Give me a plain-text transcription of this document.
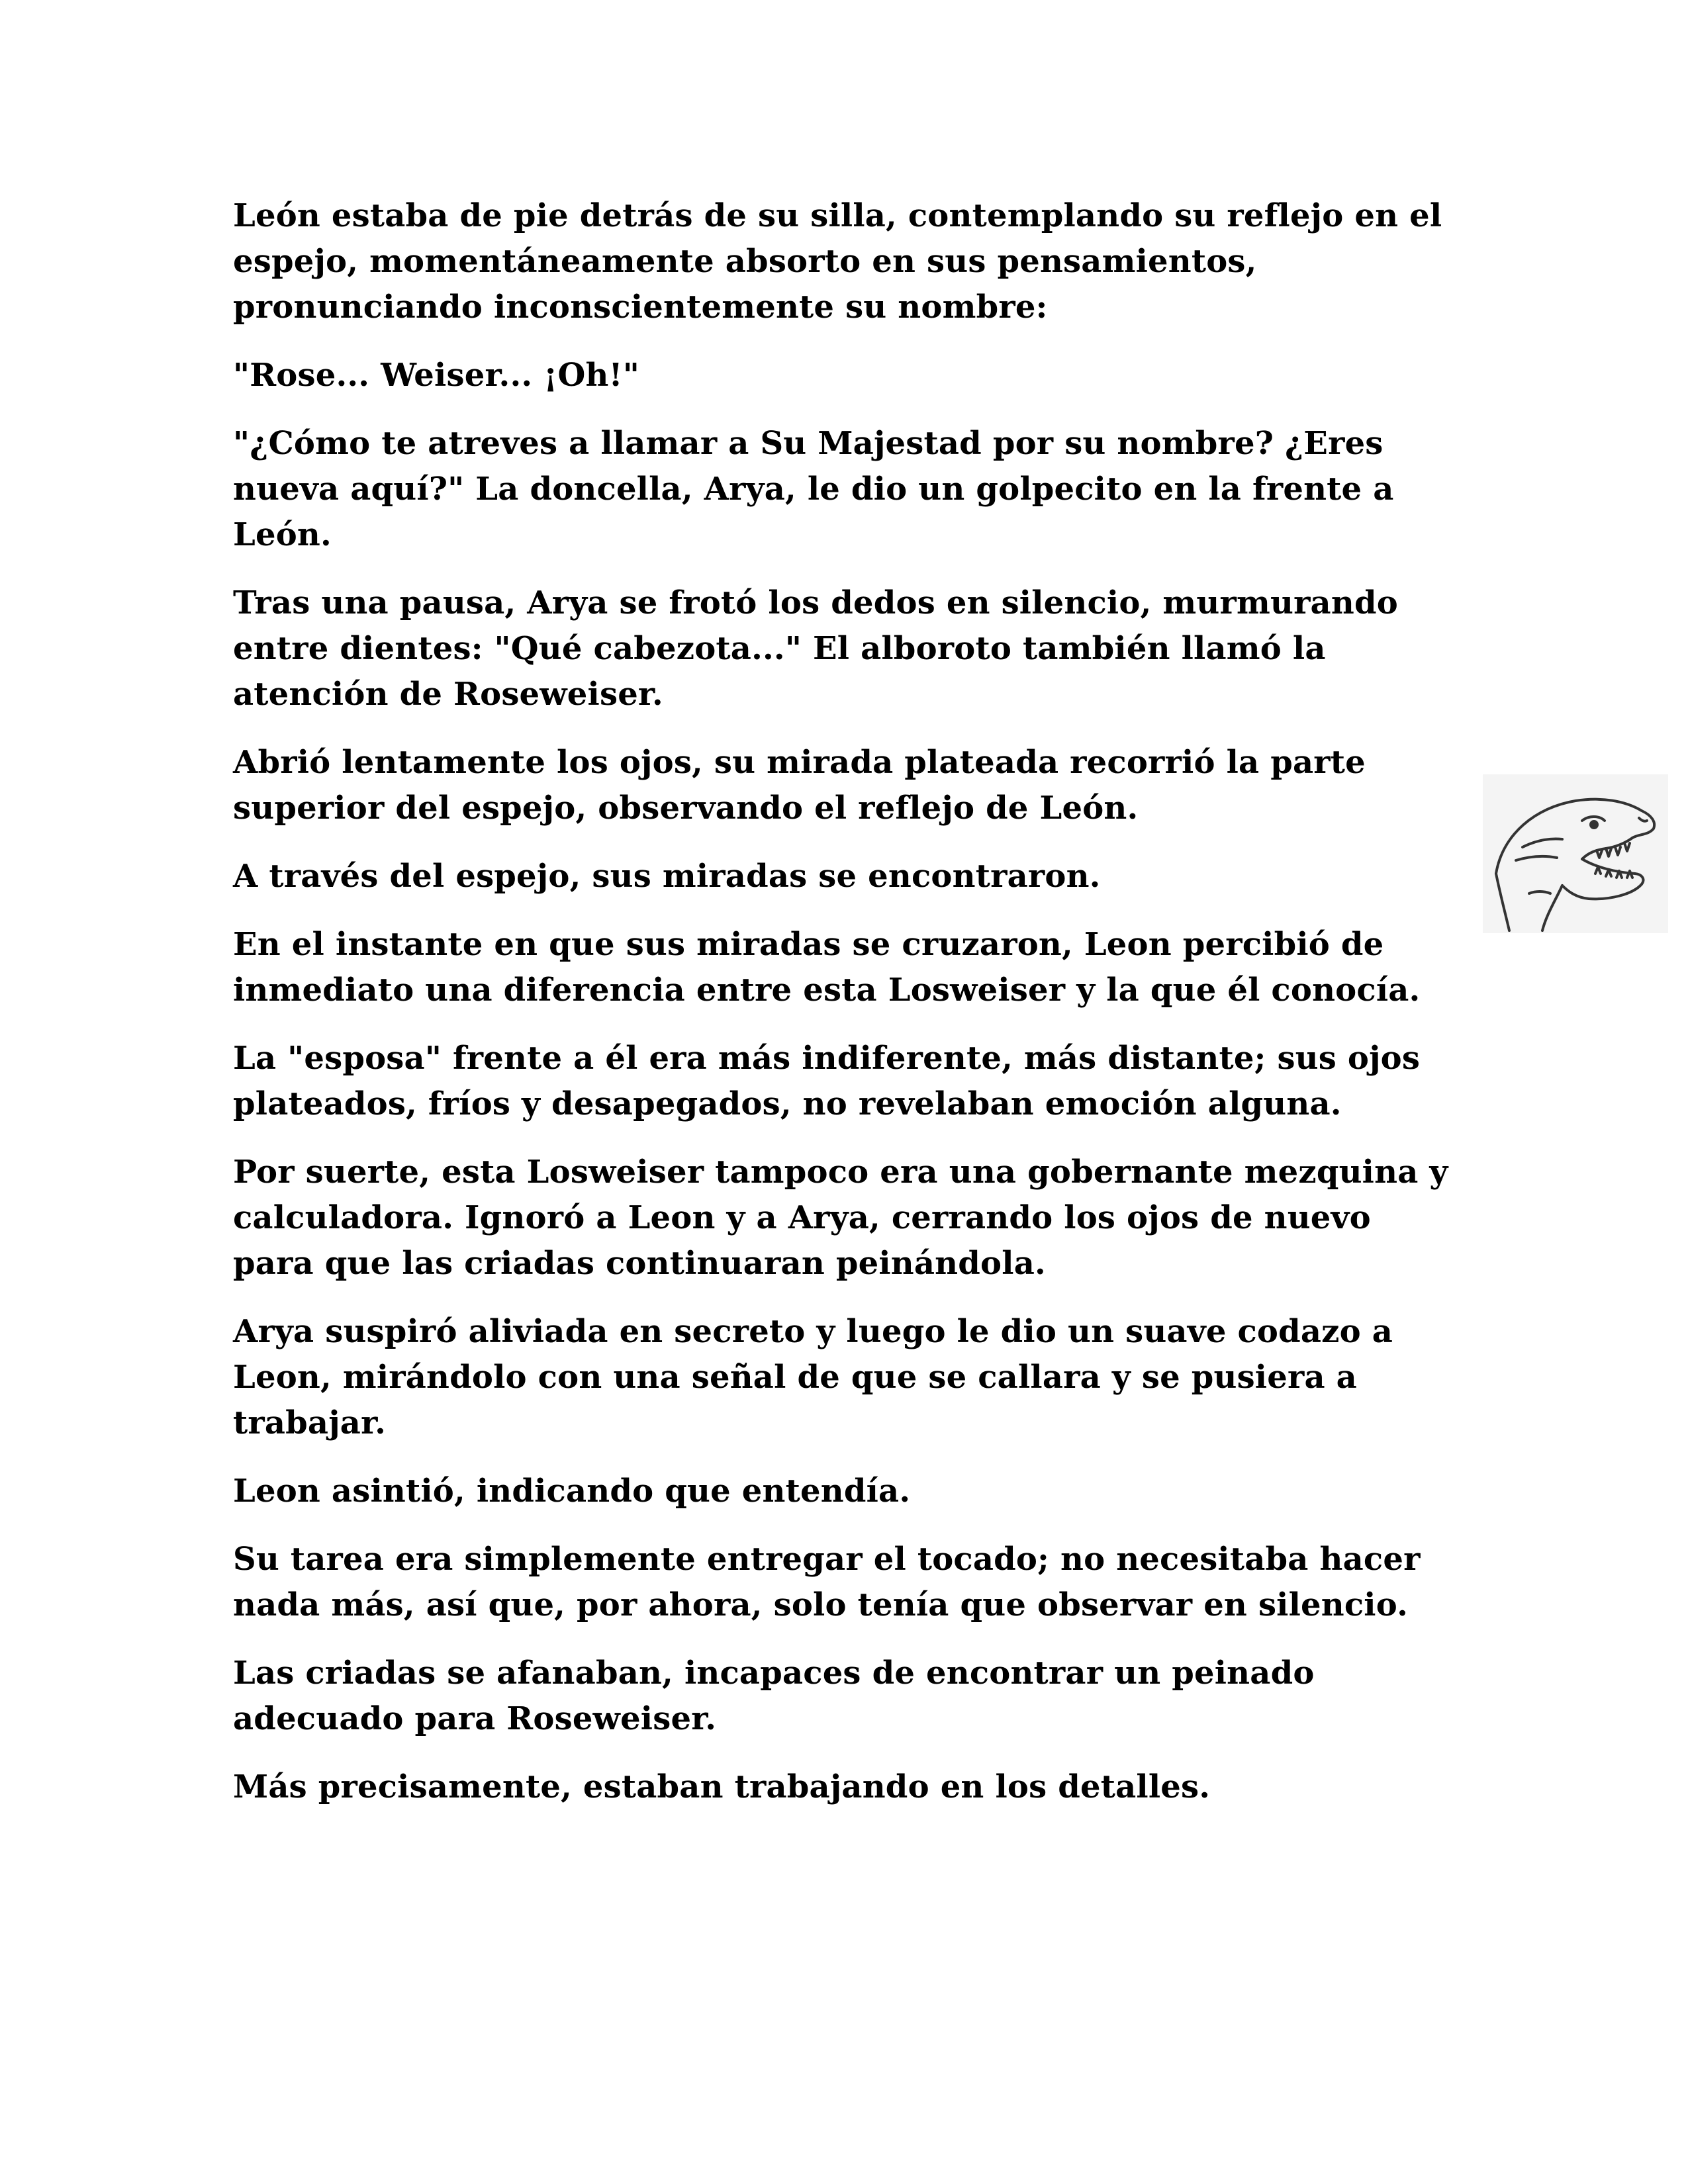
León estaba de pie detrás de su silla, contemplando su reflejo en el espejo, momentáneamente absorto en sus pensamientos, pronunciando inconscientemente su nombre:

"Rose... Weiser... ¡Oh!"

"¿Cómo te atreves a llamar a Su Majestad por su nombre? ¿Eres nueva aquí?" La doncella, Arya, le dio un golpecito en la frente a León.

Tras una pausa, Arya se frotó los dedos en silencio, murmurando entre dientes: "Qué cabezota..." El alboroto también llamó la atención de Roseweiser.

Abrió lentamente los ojos, su mirada plateada recorrió la parte superior del espejo, observando el reflejo de León.

A través del espejo, sus miradas se encontraron.

En el instante en que sus miradas se cruzaron, Leon percibió de inmediato una diferencia entre esta Losweiser y la que él conocía.

La "esposa" frente a él era más indiferente, más distante; sus ojos plateados, fríos y desapegados, no revelaban emoción alguna.

Por suerte, esta Losweiser tampoco era una gobernante mezquina y calculadora. Ignoró a Leon y a Arya, cerrando los ojos de nuevo para que las criadas continuaran peinándola.

Arya suspiró aliviada en secreto y luego le dio un suave codazo a Leon, mirándolo con una señal de que se callara y se pusiera a trabajar.

Leon asintió, indicando que entendía.

Su tarea era simplemente entregar el tocado; no necesitaba hacer nada más, así que, por ahora, solo tenía que observar en silencio.

Las criadas se afanaban, incapaces de encontrar un peinado adecuado para Roseweiser.

Más precisamente, estaban trabajando en los detalles.
